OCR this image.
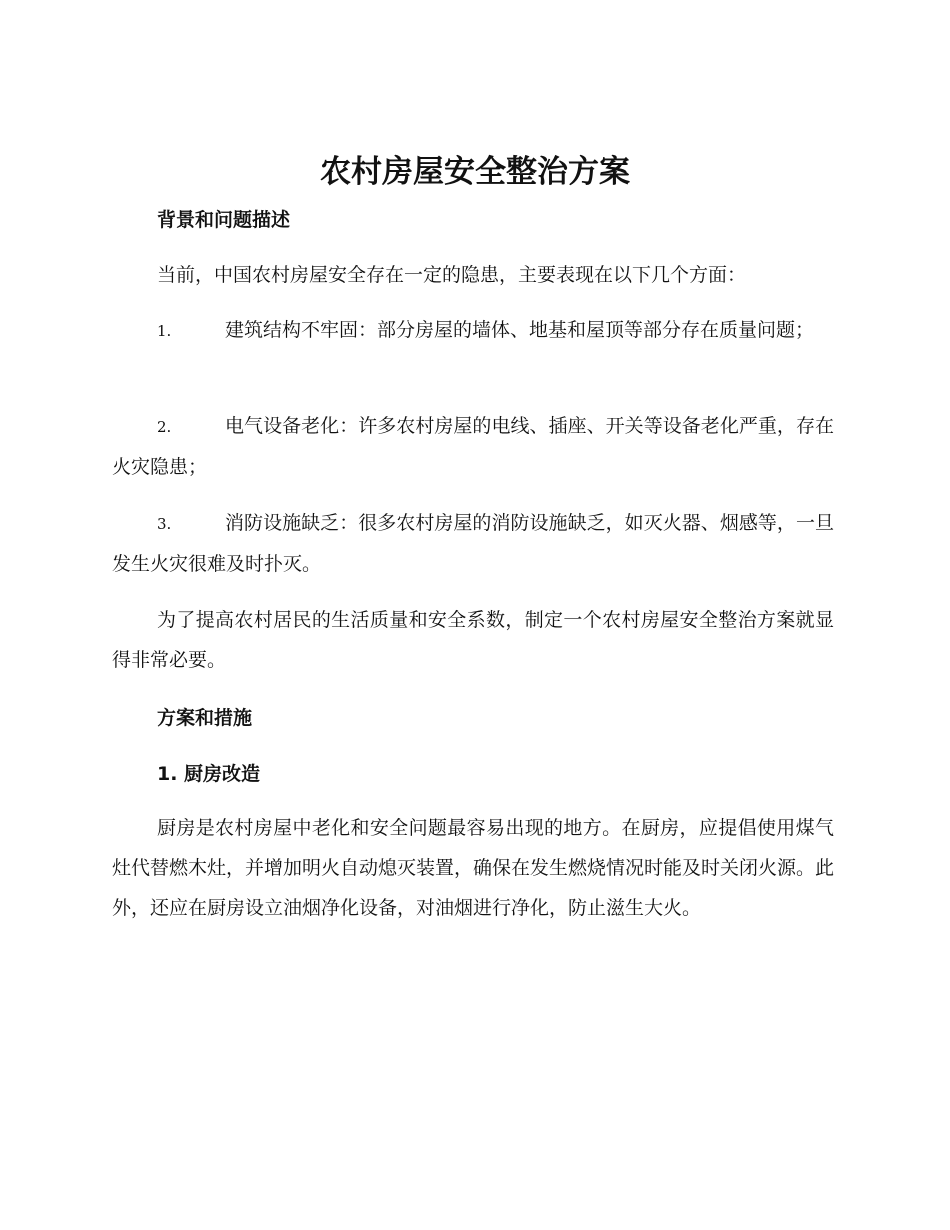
农村房屋安全整治方案
背景和问题描述

当前，中国农村房屋安全存在一定的隐患，主要表现在以下几个方面：

1.	建筑结构不牢固：部分房屋的墙体、地基和屋顶等部分存在质量问题；

2.	电气设备老化：许多农村房屋的电线、插座、开关等设备老化严重，存在火灾隐患；

3.	消防设施缺乏：很多农村房屋的消防设施缺乏，如灭火器、烟感等，一旦发生火灾很难及时扑灭。

为了提高农村居民的生活质量和安全系数，制定一个农村房屋安全整治方案就显得非常必要。

方案和措施
1. 厨房改造

厨房是农村房屋中老化和安全问题最容易出现的地方。在厨房，应提倡使用煤气灶代替燃木灶，并增加明火自动熄灭装置，确保在发生燃烧情况时能及时关闭火源。此外，还应在厨房设立油烟净化设备，对油烟进行净化，防止滋生大火。
